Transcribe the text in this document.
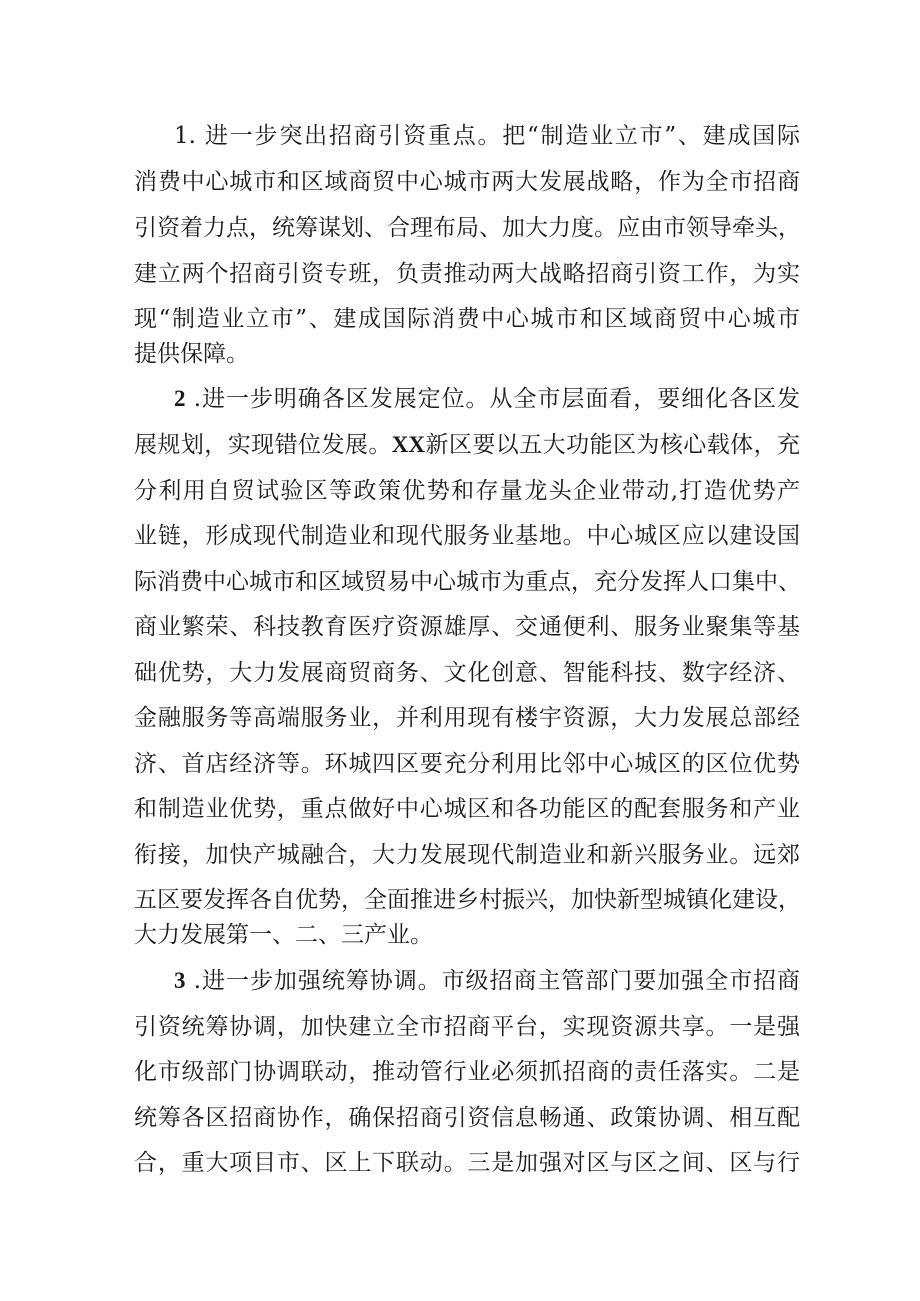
1. 进一步突出招商引资重点。把“制造业立市”、建成国际
消费中心城市和区域商贸中心城市两大发展战略，作为全市招商
引资着力点，统筹谋划、合理布局、加大力度。应由市领导牵头，
建立两个招商引资专班，负责推动两大战略招商引资工作，为实
现“制造业立市”、建成国际消费中心城市和区域商贸中心城市
提供保障。
2 .进一步明确各区发展定位。从全市层面看，要细化各区发
展规划，实现错位发展。XX新区要以五大功能区为核心载体，充
分利用自贸试验区等政策优势和存量龙头企业带动,打造优势产
业链，形成现代制造业和现代服务业基地。中心城区应以建设国
际消费中心城市和区域贸易中心城市为重点，充分发挥人口集中、
商业繁荣、科技教育医疗资源雄厚、交通便利、服务业聚集等基
础优势，大力发展商贸商务、文化创意、智能科技、数字经济、
金融服务等高端服务业，并利用现有楼宇资源，大力发展总部经
济、首店经济等。环城四区要充分利用比邻中心城区的区位优势
和制造业优势，重点做好中心城区和各功能区的配套服务和产业
衔接，加快产城融合，大力发展现代制造业和新兴服务业。远郊
五区要发挥各自优势，全面推进乡村振兴，加快新型城镇化建设，
大力发展第一、二、三产业。
3 .进一步加强统筹协调。市级招商主管部门要加强全市招商
引资统筹协调，加快建立全市招商平台，实现资源共享。一是强
化市级部门协调联动，推动管行业必须抓招商的责任落实。二是
统筹各区招商协作，确保招商引资信息畅通、政策协调、相互配
合，重大项目市、区上下联动。三是加强对区与区之间、区与行
